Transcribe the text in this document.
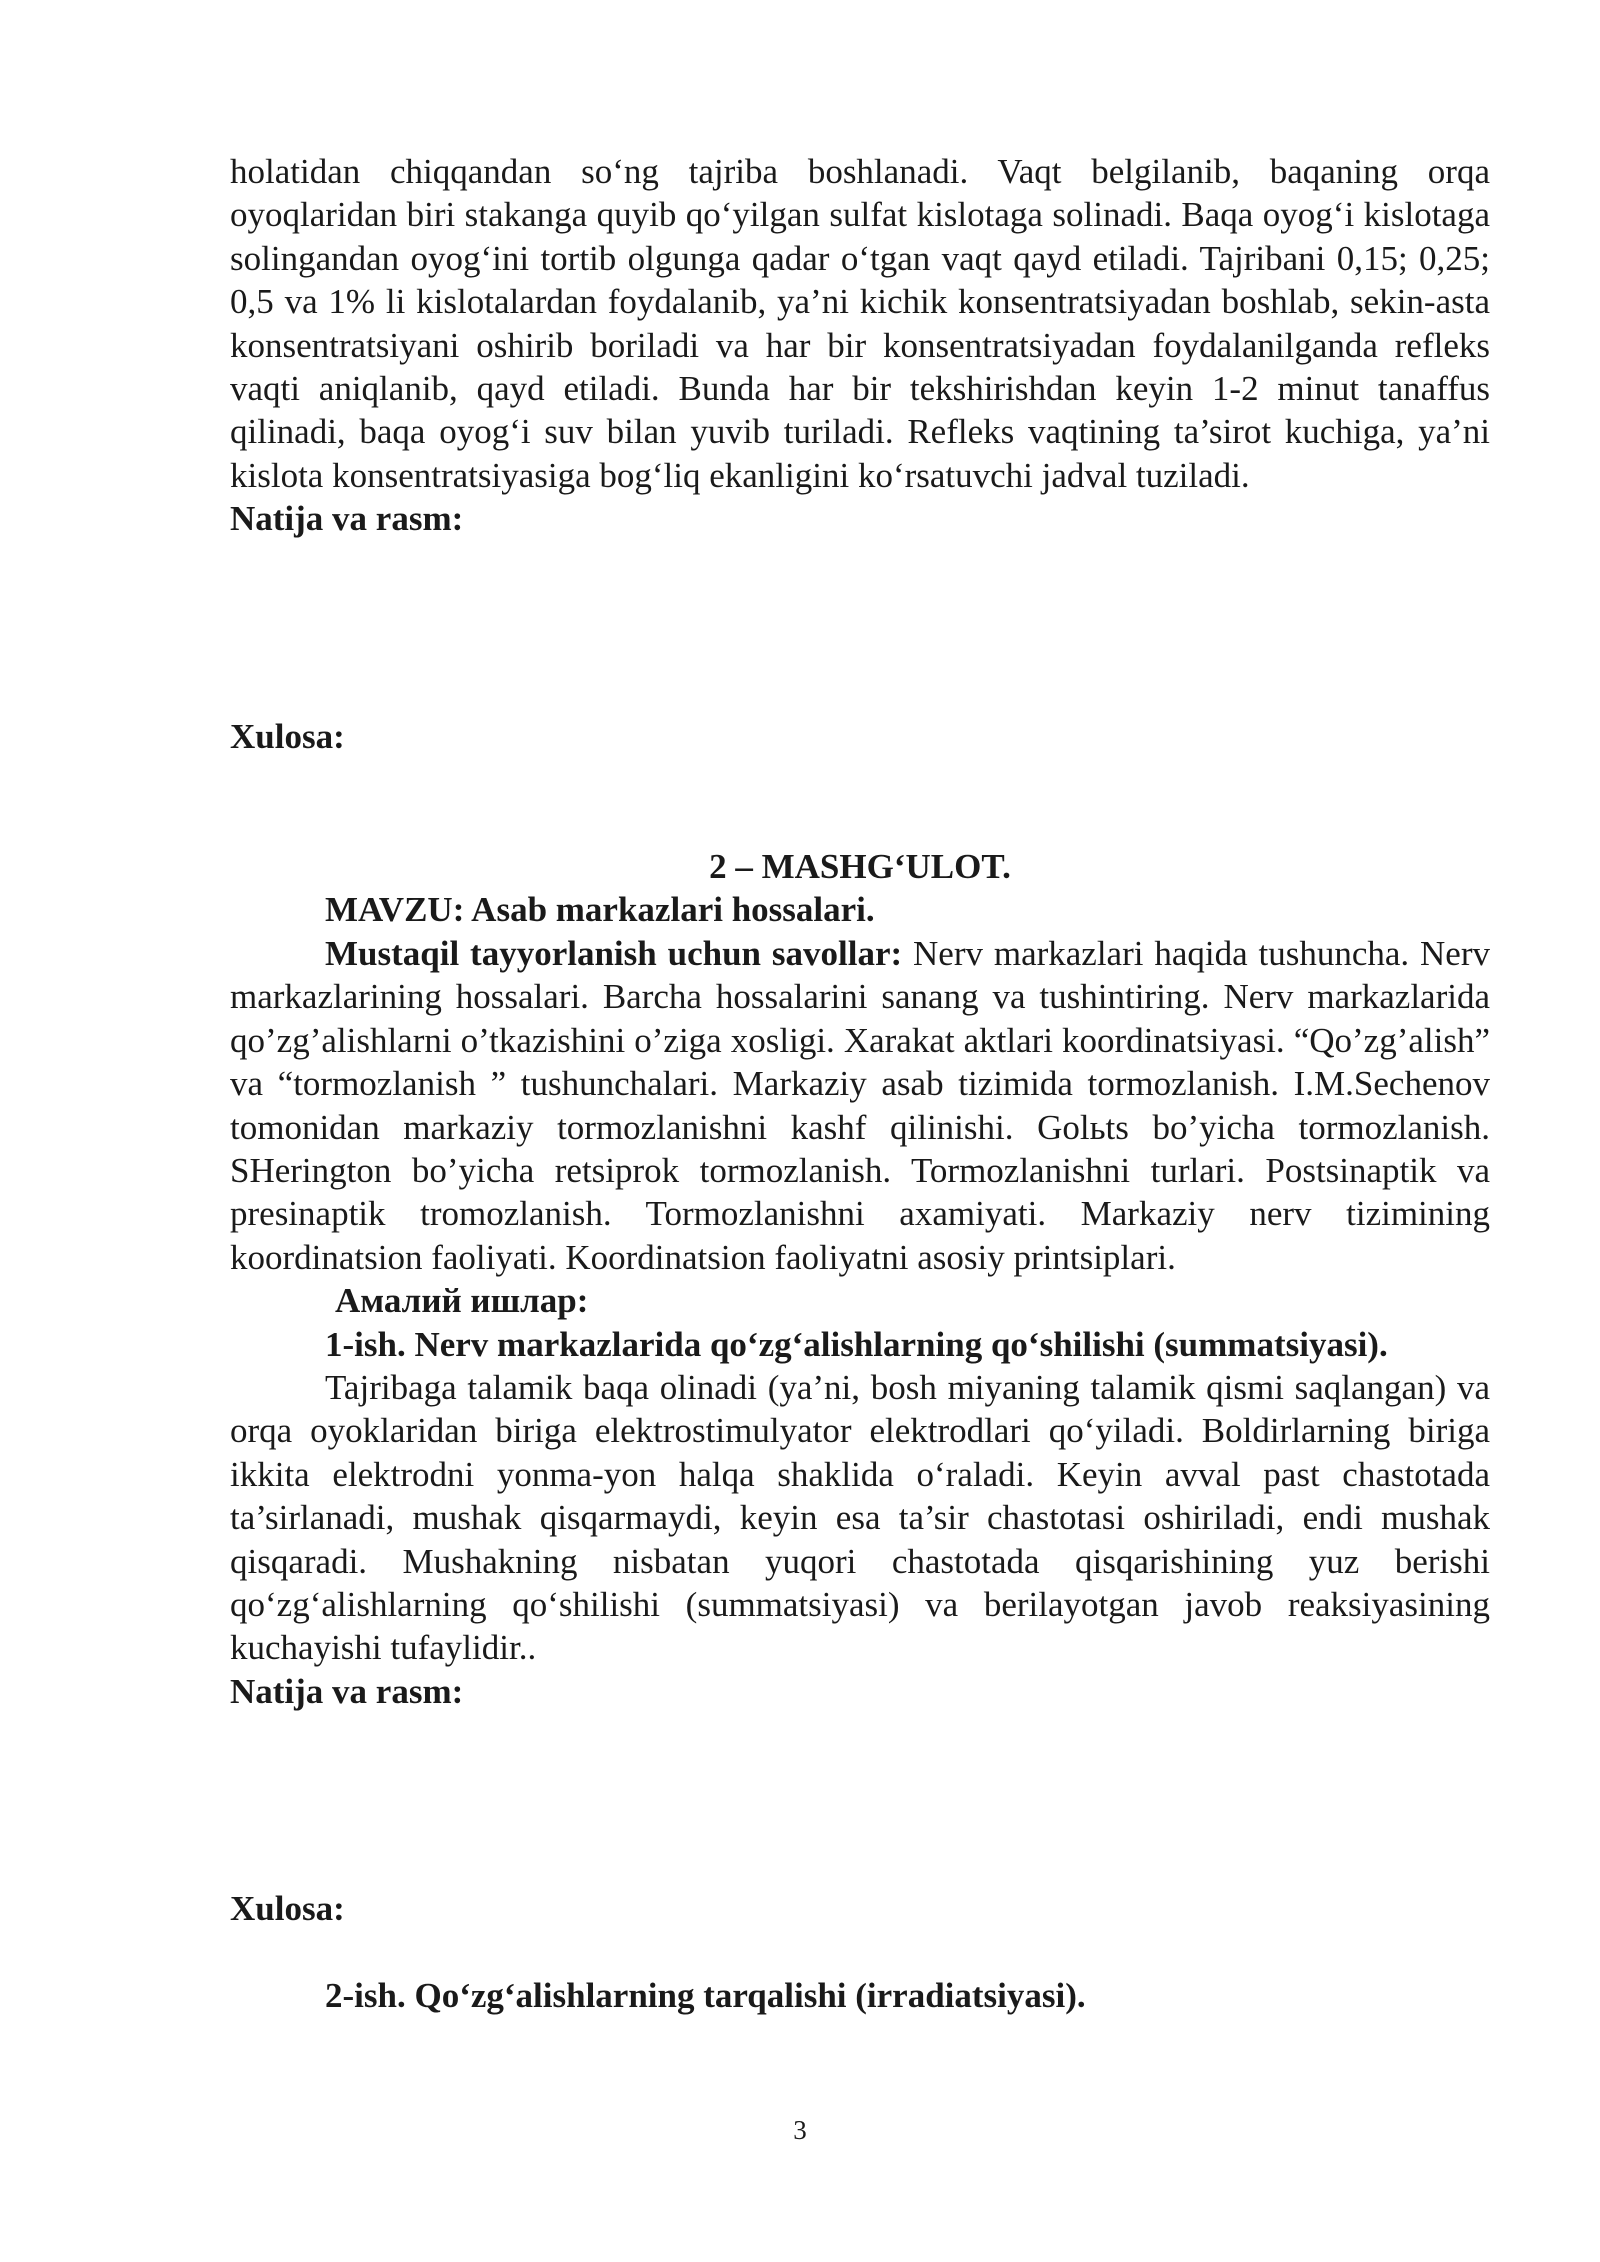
holatidan chiqqandan so‘ng tajriba boshlanadi. Vaqt belgilanib, baqaning orqa oyoqlaridan biri stakanga quyib qo‘yilgan sulfat kislotaga solinadi. Baqa oyog‘i kislotaga solingandan oyog‘ini tortib olgunga qadar o‘tgan vaqt qayd etiladi. Tajribani 0,15; 0,25; 0,5 va 1% li kislotalardan foydalanib, ya’ni kichik konsentratsiyadan boshlab, sekin-asta konsentratsiyani oshirib boriladi va har bir konsentratsiyadan foydalanilganda refleks vaqti aniqlanib, qayd etiladi. Bunda har bir tekshirishdan keyin 1-2 minut tanaffus qilinadi, baqa oyog‘i suv bilan yuvib turiladi. Refleks vaqtining ta’sirot kuchiga, ya’ni kislota konsentratsiyasiga bog‘liq ekanligini ko‘rsatuvchi jadval tuziladi.

Natija va rasm:
Xulosa:
2 – MASHG‘ULOT.

MAVZU: Asab markazlari hossalari.

Mustaqil tayyorlanish uchun savollar: Nerv markazlari haqida tushuncha. Nerv markazlarining hossalari. Barcha hossalarini sanang va tushintiring. Nerv markazlarida qo’zg’alishlarni o’tkazishini o’ziga xosligi. Xarakat aktlari koordinatsiyasi. “Qo’zg’alish” va “tormozlanish ” tushunchalari. Markaziy asab tizimida tormozlanish. I.M.Sechenov tomonidan markaziy tormozlanishni kashf qilinishi. Golьts bo’yicha tormozlanish. SHerington bo’yicha retsiprok tormozlanish. Tormozlanishni turlari. Postsinaptik va presinaptik tromozlanish. Tormozlanishni axamiyati. Markaziy nerv tizimining koordinatsion faoliyati. Koordinatsion faoliyatni asosiy printsiplari.

Амалий ишлар:

1-ish. Nerv markazlarida qo‘zg‘alishlarning qo‘shilishi (summatsiyasi).

Tajribaga talamik baqa olinadi (ya’ni, bosh miyaning talamik qismi saqlangan) va orqa oyoklaridan biriga elektrostimulyator elektrodlari qo‘yiladi. Boldirlarning biriga ikkita elektrodni yonma-yon halqa shaklida o‘raladi. Keyin avval past chastotada ta’sirlanadi, mushak qisqarmaydi, keyin esa ta’sir chastotasi oshiriladi, endi mushak qisqaradi. Mushakning nisbatan yuqori chastotada qisqarishining yuz berishi qo‘zg‘alishlarning qo‘shilishi (summatsiyasi) va berilayotgan javob reaksiyasining kuchayishi tufaylidir..

Natija va rasm:
Xulosa:

2-ish. Qo‘zg‘alishlarning tarqalishi (irradiatsiyasi).

3
